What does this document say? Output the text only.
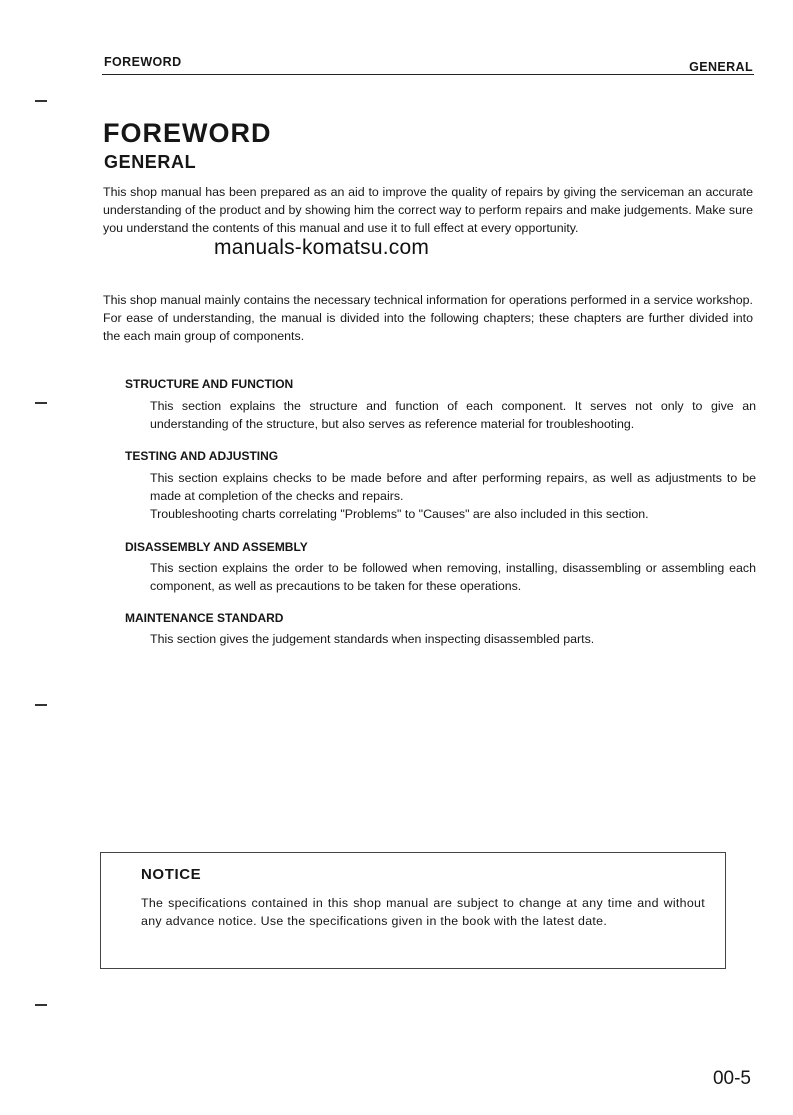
FOREWORD	GENERAL
FOREWORD
GENERAL
This shop manual has been prepared as an aid to improve the quality of repairs by giving the serviceman an accurate understanding of the product and by showing him the correct way to perform repairs and make judgements. Make sure you understand the contents of this manual and use it to full effect at every opportunity.
manuals-komatsu.com
This shop manual mainly contains the necessary technical information for operations performed in a service workshop. For ease of understanding, the manual is divided into the following chapters; these chapters are further divided into the each main group of components.
STRUCTURE AND FUNCTION
This section explains the structure and function of each component. It serves not only to give an understanding of the structure, but also serves as reference material for troubleshooting.
TESTING AND ADJUSTING

This section explains checks to be made before and after performing repairs, as well as adjustments to be made at completion of the checks and repairs.

Troubleshooting charts correlating "Problems" to "Causes" are also included in this section.

DISASSEMBLY AND ASSEMBLY
This section explains the order to be followed when removing, installing, disassembling or assembling each component, as well as precautions to be taken for these operations.
MAINTENANCE STANDARD
This section gives the judgement standards when inspecting disassembled parts.
NOTICE
The specifications contained in this shop manual are subject to change at any time and without any advance notice. Use the specifications given in the book with the latest date.
00-5
